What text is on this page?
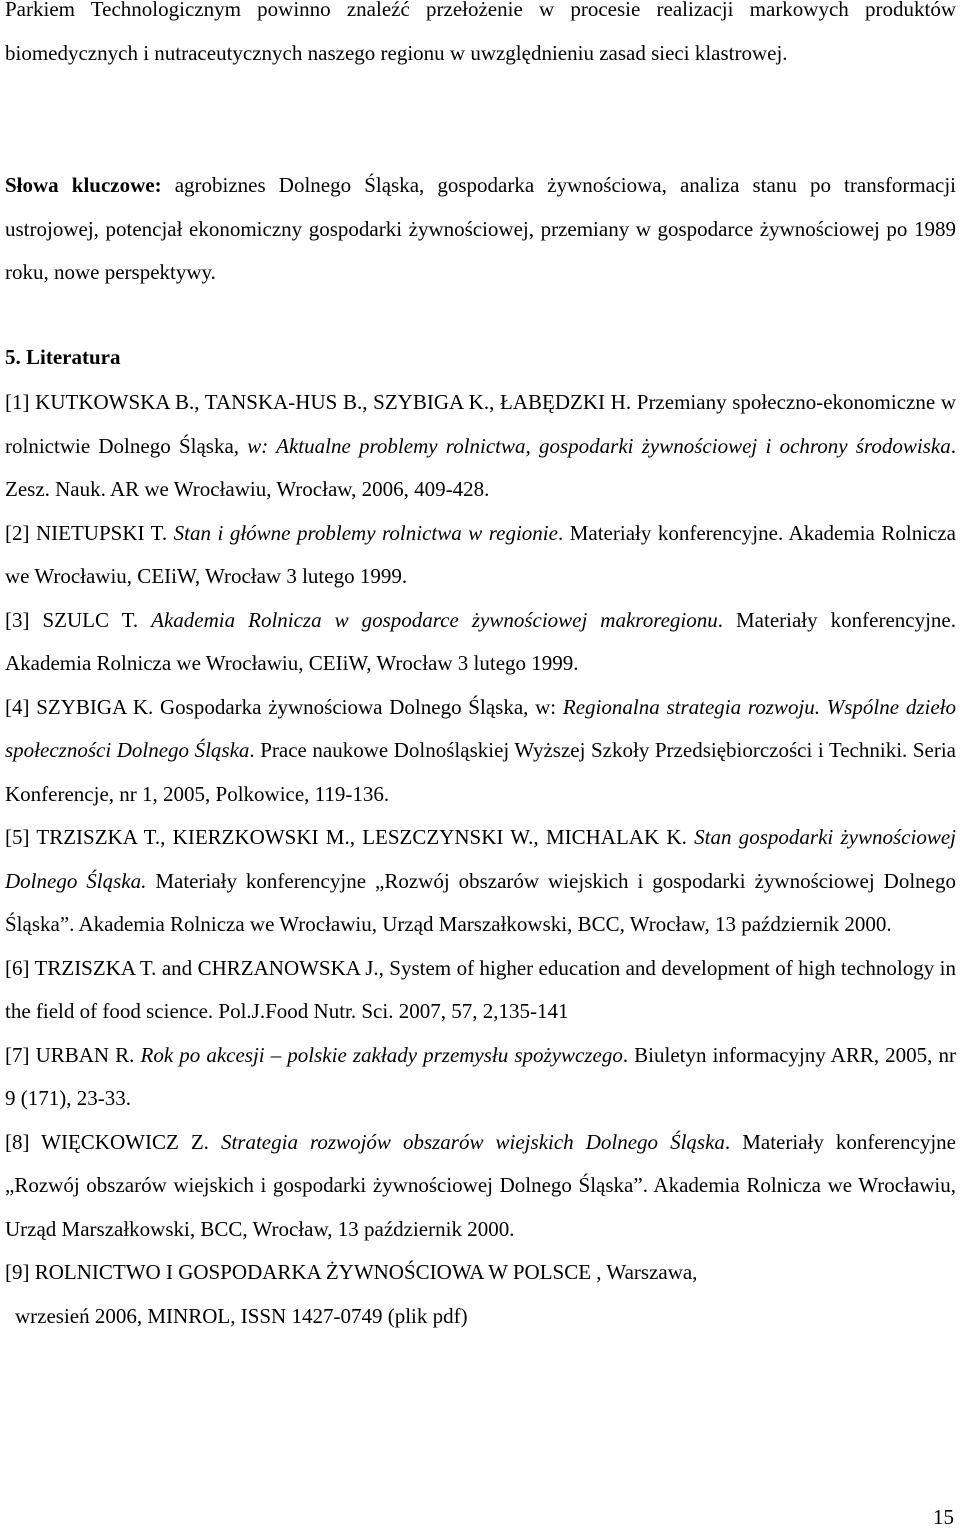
Parkiem Technologicznym powinno znaleźć przełożenie w procesie realizacji markowych produktów biomedycznych i nutraceutycznych naszego regionu w uwzględnieniu zasad sieci klastrowej.

Słowa kluczowe: agrobiznes Dolnego Śląska, gospodarka żywnościowa, analiza stanu po transformacji ustrojowej, potencjał ekonomiczny gospodarki żywnościowej, przemiany w gospodarce żywnościowej po 1989 roku, nowe perspektywy.

5. Literatura

[1] KUTKOWSKA B., TANSKA-HUS B., SZYBIGA K., ŁABĘDZKI H. Przemiany społeczno-ekonomiczne w rolnictwie Dolnego Śląska, w: Aktualne problemy rolnictwa, gospodarki żywnościowej i ochrony środowiska. Zesz. Nauk. AR we Wrocławiu, Wrocław, 2006, 409-428.

[2] NIETUPSKI T. Stan i główne problemy rolnictwa w regionie. Materiały konferencyjne. Akademia Rolnicza we Wrocławiu, CEIiW, Wrocław 3 lutego 1999.

[3] SZULC T. Akademia Rolnicza w gospodarce żywnościowej makroregionu. Materiały konferencyjne. Akademia Rolnicza we Wrocławiu, CEIiW, Wrocław 3 lutego 1999.

[4] SZYBIGA K. Gospodarka żywnościowa Dolnego Śląska, w: Regionalna strategia rozwoju. Wspólne dzieło społeczności Dolnego Śląska. Prace naukowe Dolnośląskiej Wyższej Szkoły Przedsiębiorczości i Techniki. Seria Konferencje, nr 1, 2005, Polkowice, 119-136.

[5] TRZISZKA T., KIERZKOWSKI M., LESZCZYNSKI W., MICHALAK K. Stan gospodarki żywnościowej Dolnego Śląska. Materiały konferencyjne „Rozwój obszarów wiejskich i gospodarki żywnościowej Dolnego Śląska”. Akademia Rolnicza we Wrocławiu, Urząd Marszałkowski, BCC, Wrocław, 13 październik 2000.

[6] TRZISZKA T. and CHRZANOWSKA J., System of higher education and development of high technology in the field of food science. Pol.J.Food Nutr. Sci. 2007, 57, 2,135-141

[7] URBAN R. Rok po akcesji – polskie zakłady przemysłu spożywczego. Biuletyn informacyjny ARR, 2005, nr 9 (171), 23-33.

[8] WIĘCKOWICZ Z. Strategia rozwojów obszarów wiejskich Dolnego Śląska. Materiały konferencyjne „Rozwój obszarów wiejskich i gospodarki żywnościowej Dolnego Śląska”. Akademia Rolnicza we Wrocławiu, Urząd Marszałkowski, BCC, Wrocław, 13 październik 2000.

[9] ROLNICTWO I GOSPODARKA ŻYWNOŚCIOWA W POLSCE , Warszawa,
wrzesień 2006, MINROL, ISSN 1427-0749 (plik pdf)

15
